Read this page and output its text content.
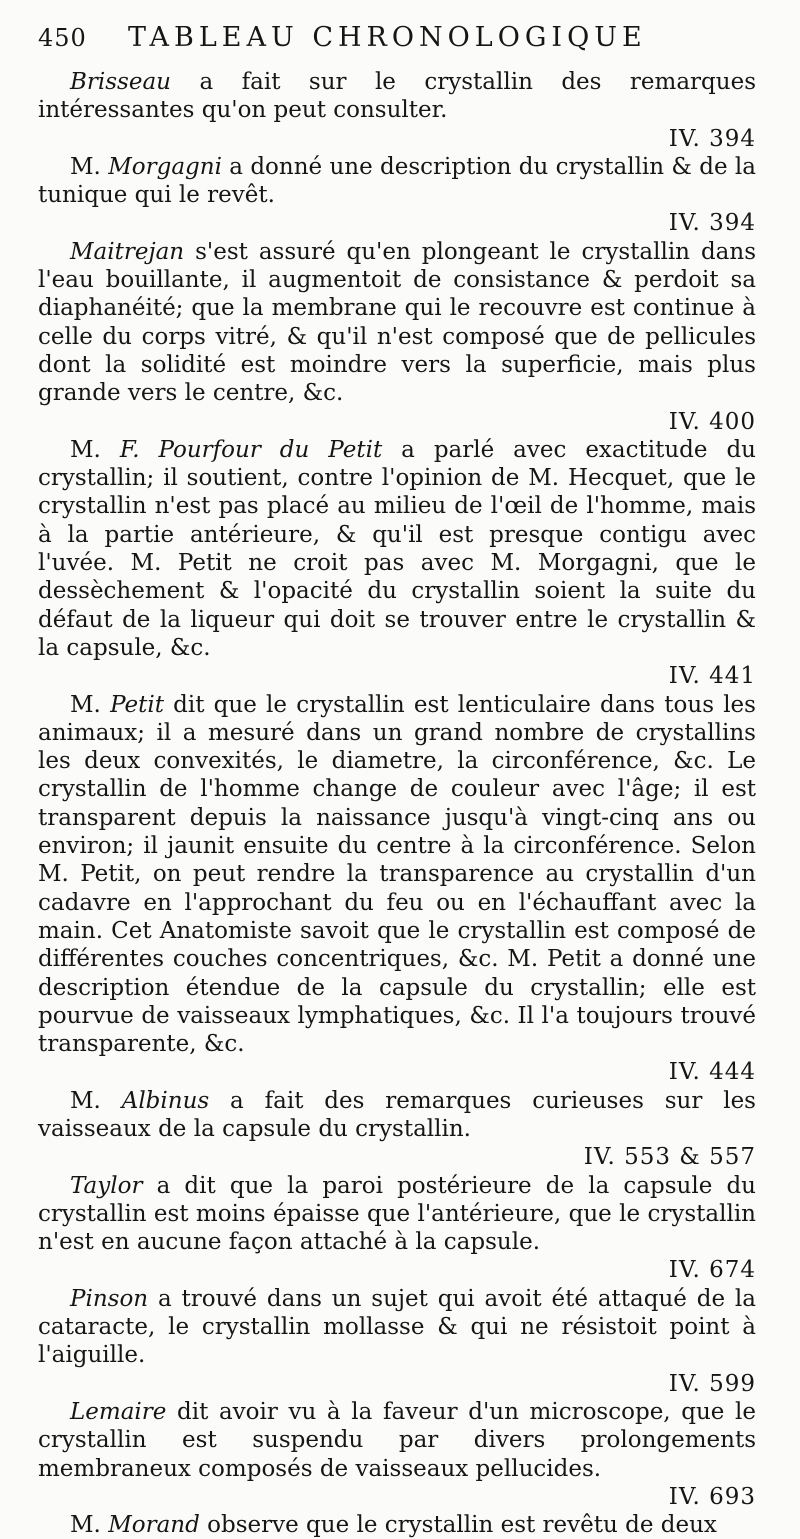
450	TABLEAU CHRONOLOGIQUE

Brisseau a fait sur le crystallin des remarques intéressantes qu'on peut consulter.

IV. 394

M. Morgagni a donné une description du crystallin & de la tunique qui le revêt.

IV. 394

Maitrejan s'est assuré qu'en plongeant le crystallin dans l'eau bouillante, il augmentoit de consistance & perdoit sa diaphanéité; que la membrane qui le recouvre est continue à celle du corps vitré, & qu'il n'est composé que de pellicules dont la solidité est moindre vers la superficie, mais plus grande vers le centre, &c.

IV. 400

M. F. Pourfour du Petit a parlé avec exactitude du crystallin; il soutient, contre l'opinion de M. Hecquet, que le crystallin n'est pas placé au milieu de l'œil de l'homme, mais à la partie antérieure, & qu'il est presque contigu avec l'uvée. M. Petit ne croit pas avec M. Morgagni, que le dessèchement & l'opacité du crystallin soient la suite du défaut de la liqueur qui doit se trouver entre le crystallin & la capsule, &c.

IV. 441

M. Petit dit que le crystallin est lenticulaire dans tous les animaux; il a mesuré dans un grand nombre de crystallins les deux convexités, le diametre, la circonférence, &c. Le crystallin de l'homme change de couleur avec l'âge; il est transparent depuis la naissance jusqu'à vingt-cinq ans ou environ; il jaunit ensuite du centre à la circonférence. Selon M. Petit, on peut rendre la transparence au crystallin d'un cadavre en l'approchant du feu ou en l'échauffant avec la main. Cet Anatomiste savoit que le crystallin est composé de différentes couches concentriques, &c. M. Petit a donné une description étendue de la capsule du crystallin; elle est pourvue de vaisseaux lymphatiques, &c. Il l'a toujours trouvé transparente, &c.

IV. 444

M. Albinus a fait des remarques curieuses sur les vaisseaux de la capsule du crystallin.

IV. 553 & 557

Taylor a dit que la paroi postérieure de la capsule du crystallin est moins épaisse que l'antérieure, que le crystallin n'est en aucune façon attaché à la capsule.

IV. 674

Pinson a trouvé dans un sujet qui avoit été attaqué de la cataracte, le crystallin mollasse & qui ne résistoit point à l'aiguille.

IV. 599

Lemaire dit avoir vu à la faveur d'un microscope, que le crystallin est suspendu par divers prolongements membraneux composés de vaisseaux pellucides.

IV. 693

M. Morand observe que le crystallin est revêtu de deux
